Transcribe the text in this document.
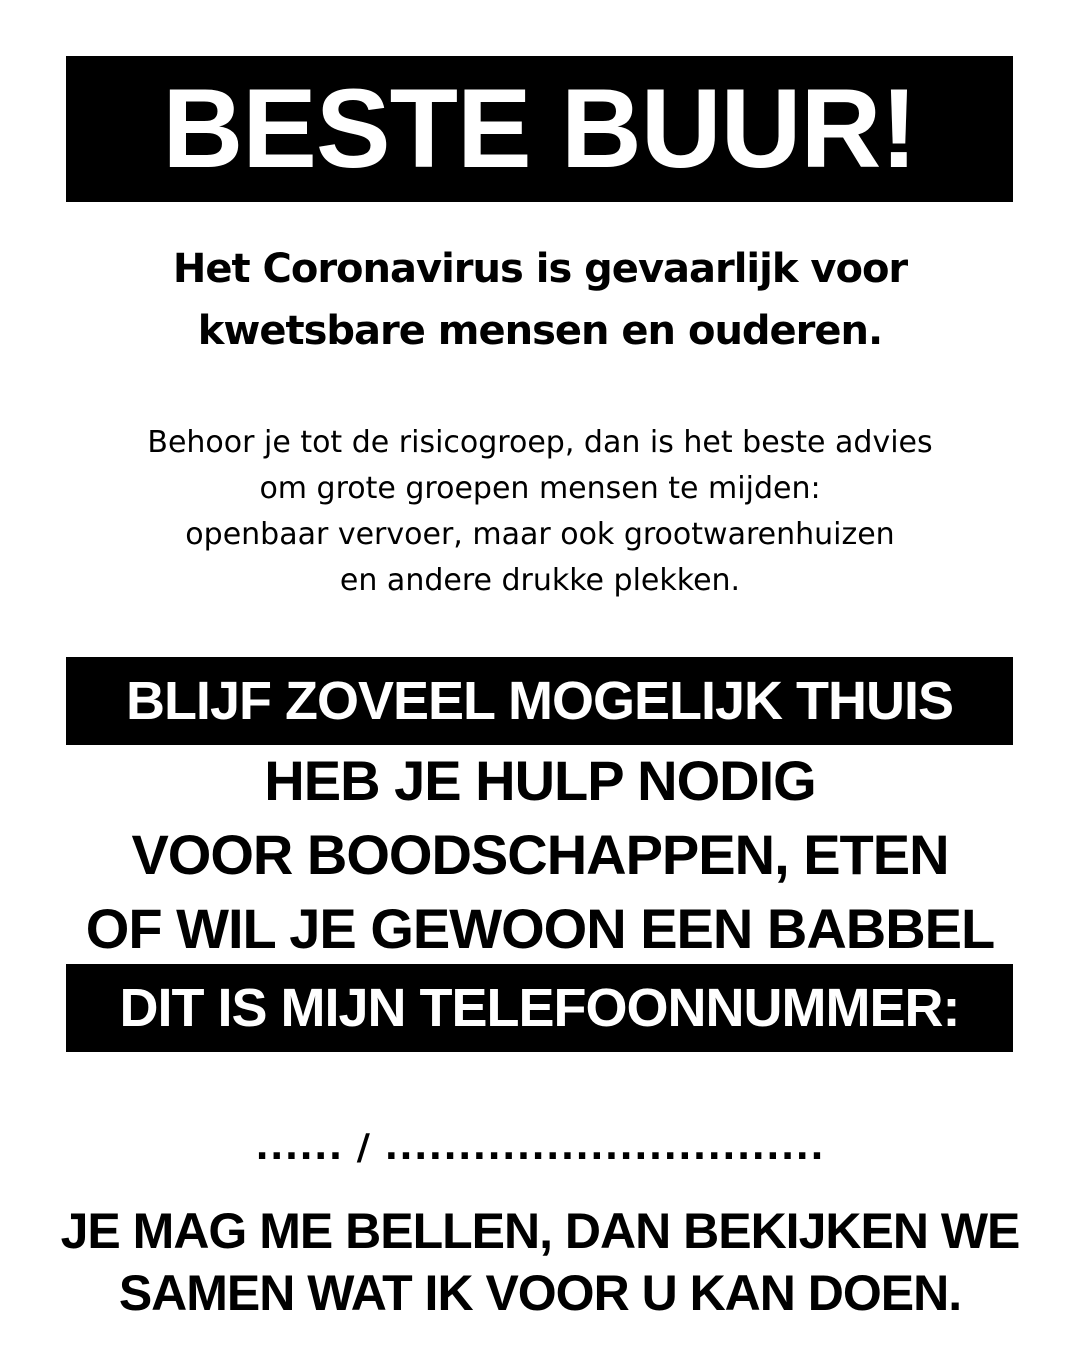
BESTE BUUR!
Het Coronavirus is gevaarlijk voor
kwetsbare mensen en ouderen.
Behoor je tot de risicogroep, dan is het beste advies
om grote groepen mensen te mijden:
openbaar vervoer, maar ook grootwarenhuizen
en andere drukke plekken.
BLIJF ZOVEEL MOGELIJK THUIS
HEB JE HULP NODIG
VOOR BOODSCHAPPEN, ETEN
OF WIL JE GEWOON EEN BABBEL
DIT IS MIJN TELEFOONNUMMER:
...... / ..............................
JE MAG ME BELLEN, DAN BEKIJKEN WE
SAMEN WAT IK VOOR U KAN DOEN.
